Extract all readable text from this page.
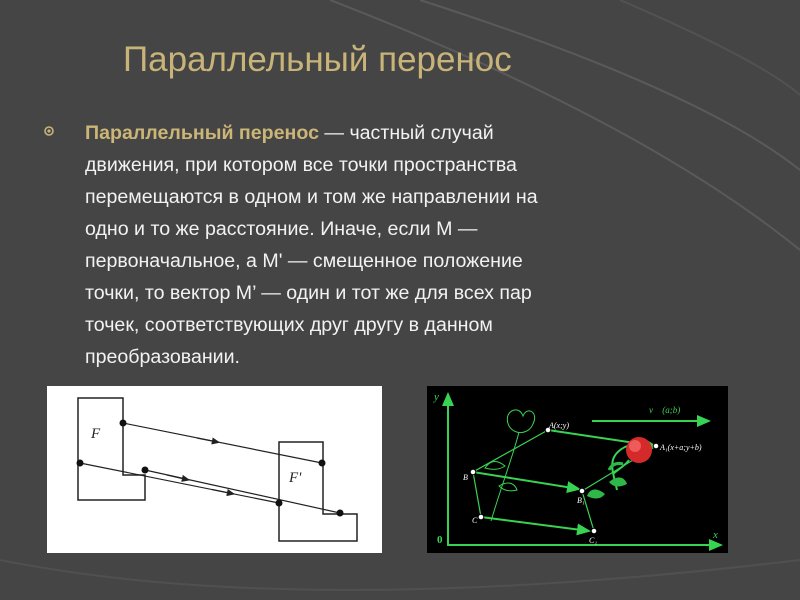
Параллельный перенос
Параллельный перенос — частный случай
движения, при котором все точки пространства
перемещаются в одном и том же направлении на
одно и то же расстояние. Иначе, если M —
первоначальное, а M' — смещенное положение
точки, то вектор M’ — один и тот же для всех пар
точек, соответствующих друг другу в данном
преобразовании.
F
F'
y
x
0
v⃗ (a;b)
A(x;y)
A₁(x+a;y+b)
B
B₁
C
C₁
